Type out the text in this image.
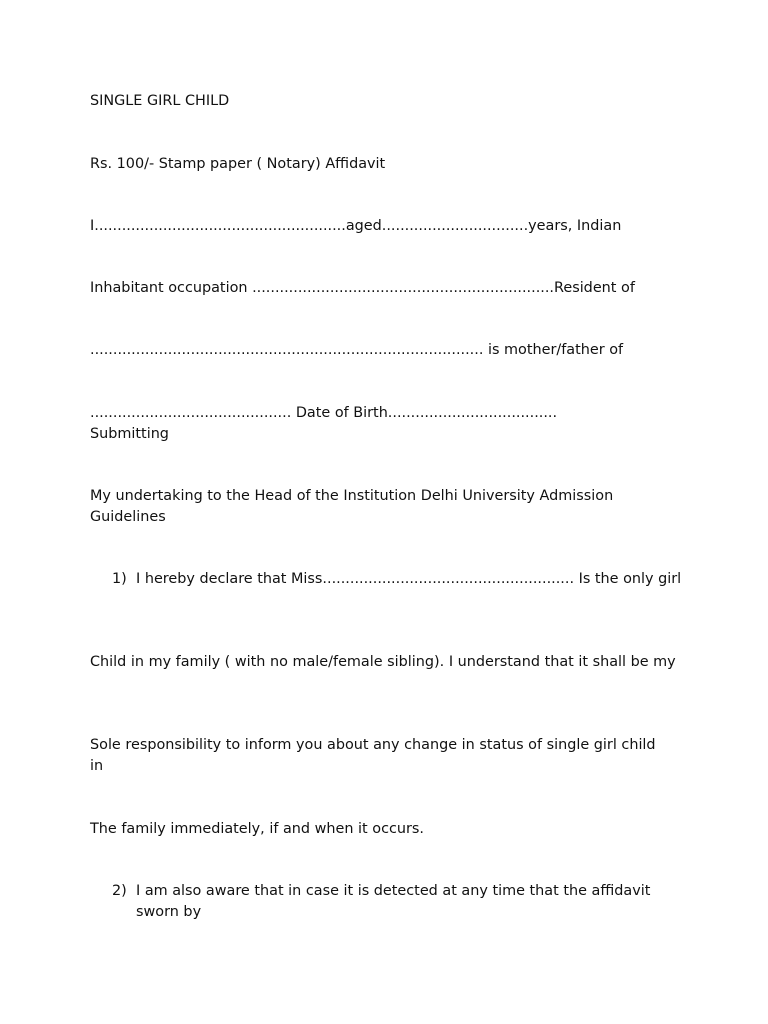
SINGLE GIRL CHILD

Rs. 100/- Stamp paper ( Notary) Affidavit

I.......................................................aged................................years, Indian

Inhabitant occupation ..................................................................Resident of

...................................................................................... is mother/father of

............................................ Date of Birth.....................................

Submitting

My undertaking to the Head of the Institution Delhi University Admission Guidelines

1) I hereby declare that Miss....................................................... Is the only girl

Child in my family ( with no male/female sibling). I understand that it shall be my

Sole responsibility to inform you about any change in status of single girl child in

The family immediately, if and when it occurs.

2) I am also aware that in case it is detected at any time that the affidavit sworn by
